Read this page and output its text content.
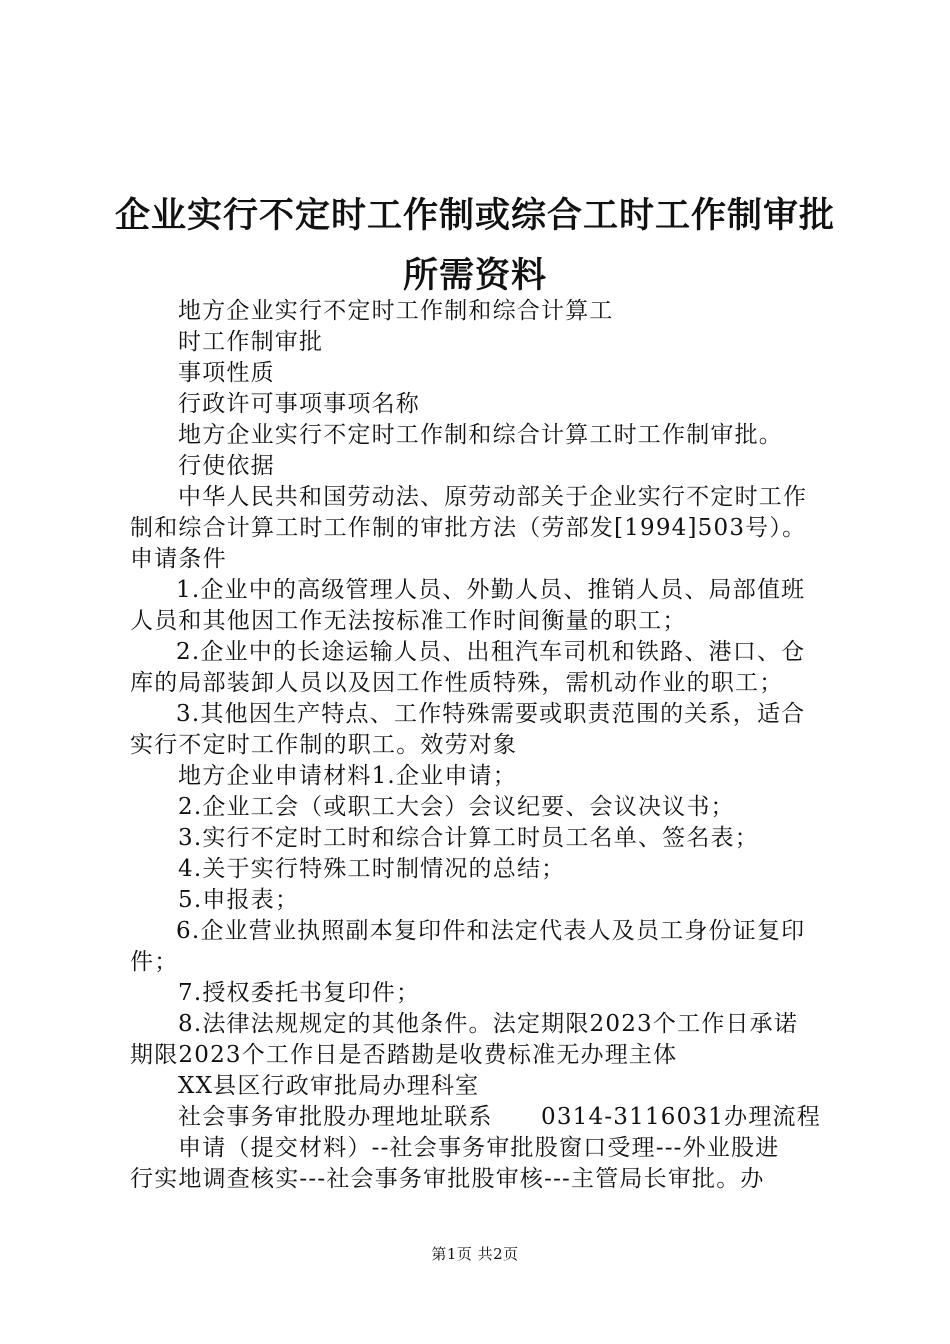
企业实行不定时工作制或综合工时工作制审批
所需资料

地方企业实行不定时工作制和综合计算工

时工作制审批

事项性质

行政许可事项事项名称

地方企业实行不定时工作制和综合计算工时工作制审批。

行使依据

中华人民共和国劳动法、原劳动部关于企业实行不定时工作

制和综合计算工时工作制的审批方法（劳部发[1994]503号）。

申请条件

1.企业中的高级管理人员、外勤人员、推销人员、局部值班

人员和其他因工作无法按标准工作时间衡量的职工；

2.企业中的长途运输人员、出租汽车司机和铁路、港口、仓

库的局部装卸人员以及因工作性质特殊，需机动作业的职工；

3.其他因生产特点、工作特殊需要或职责范围的关系，适合

实行不定时工作制的职工。效劳对象

地方企业申请材料1.企业申请；

2.企业工会（或职工大会）会议纪要、会议决议书；

3.实行不定时工时和综合计算工时员工名单、签名表；

4.关于实行特殊工时制情况的总结；

5.申报表；

6.企业营业执照副本复印件和法定代表人及员工身份证复印

件；

7.授权委托书复印件；

8.法律法规规定的其他条件。法定期限2023个工作日承诺

期限2023个工作日是否踏勘是收费标准无办理主体

XX县区行政审批局办理科室

社会事务审批股办理地址联系　　0314-3116031办理流程

申请（提交材料）--社会事务审批股窗口受理---外业股进

行实地调查核实---社会事务审批股审核---主管局长审批。办

第1页 共2页
